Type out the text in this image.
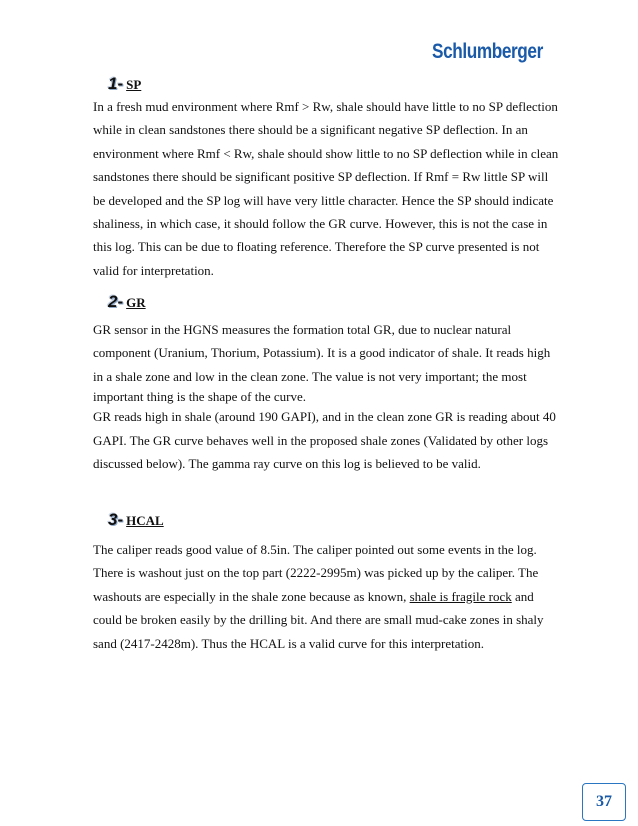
Schlumberger
1- SP

In a fresh mud environment where Rmf > Rw, shale should have little to no SP deflection

while in clean sandstones there should be a significant negative SP deflection. In an

environment where Rmf < Rw, shale should show little to no SP deflection while in clean

sandstones there should be significant positive SP deflection. If Rmf = Rw little SP will

be developed and the SP log will have very little character. Hence the SP should indicate

shaliness, in which case, it should follow the GR curve. However, this is not the case in

this log. This can be due to floating reference. Therefore the SP curve presented is not

valid for interpretation.

2- GR

GR sensor in the HGNS measures the formation total GR, due to nuclear natural

component (Uranium, Thorium, Potassium). It is a good indicator of shale. It reads high

in a shale zone and low in the clean zone. The value is not very important; the most

important thing is the shape of the curve.

GR reads high in shale (around 190 GAPI), and in the clean zone GR is reading about 40

GAPI. The GR curve behaves well in the proposed shale zones (Validated by other logs

discussed below). The gamma ray curve on this log is believed to be valid.

3- HCAL

The caliper reads good value of 8.5in. The caliper pointed out some events in the log.

There is washout just on the top part (2222-2995m) was picked up by the caliper. The

washouts are especially in the shale zone because as known, shale is fragile rock and

could be broken easily by the drilling bit. And there are small mud-cake zones in shaly

sand (2417-2428m). Thus the HCAL is a valid curve for this interpretation.

37
